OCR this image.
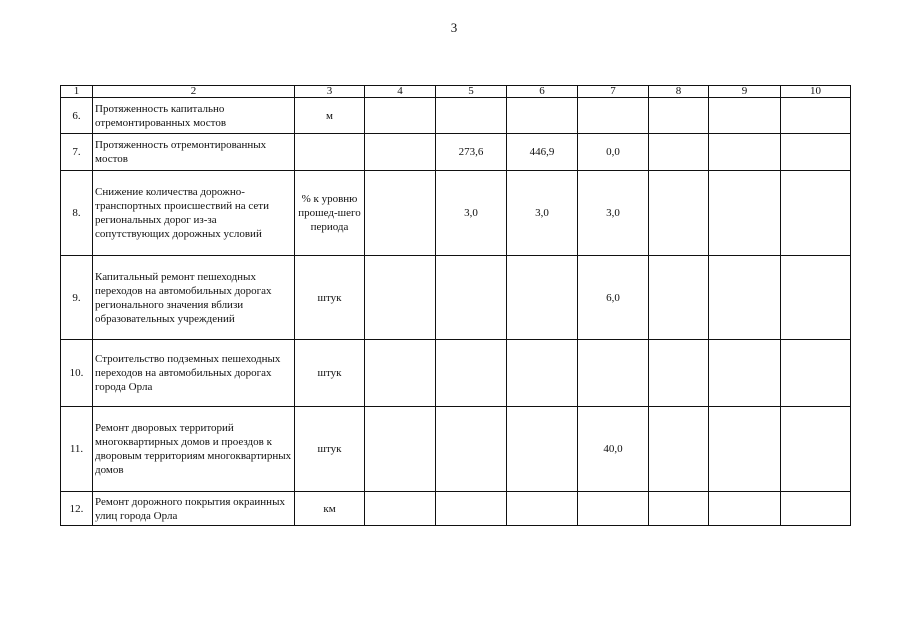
3
1	2	3	4	5	6	7	8	9	10
6.	Протяженность капитально отремонтированных мостов	м							
7.	Протяженность отремонтированных мостов			273,6	446,9	0,0			
8.	Снижение количества дорожно-транспортных происшествий на сети региональных дорог из-за сопутствующих дорожных условий	% к уровню прошед-шего периода		3,0	3,0	3,0			
9.	Капитальный ремонт пешеходных переходов на автомобильных дорогах регионального значения вблизи образовательных учреждений	штук				6,0			
10.	Строительство подземных пешеходных переходов на автомобильных дорогах города Орла	штук							
11.	Ремонт дворовых территорий многоквартирных домов и проездов к дворовым территориям многоквартирных домов	штук				40,0			
12.	Ремонт дорожного покрытия окраинных улиц города Орла	км							
